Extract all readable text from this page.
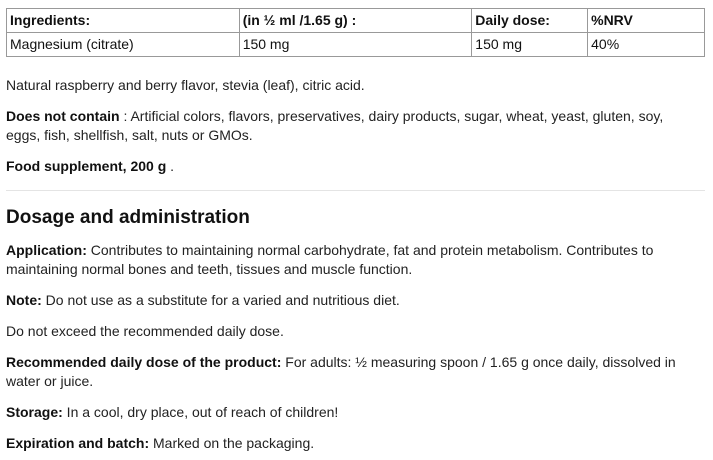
Ingredients:	(in ½ ml /1.65 g) :	Daily dose:	%NRV
Magnesium (citrate)	150 mg	150 mg	40%

Natural raspberry and berry flavor, stevia (leaf), citric acid.

Does not contain : Artificial colors, flavors, preservatives, dairy products, sugar, wheat, yeast, gluten, soy, eggs, fish, shellfish, salt, nuts or GMOs.

Food supplement, 200 g .

Dosage and administration

Application: Contributes to maintaining normal carbohydrate, fat and protein metabolism. Contributes to maintaining normal bones and teeth, tissues and muscle function.

Note: Do not use as a substitute for a varied and nutritious diet.

Do not exceed the recommended daily dose.

Recommended daily dose of the product: For adults: ½ measuring spoon / 1.65 g once daily, dissolved in water or juice.

Storage: In a cool, dry place, out of reach of children!

Expiration and batch: Marked on the packaging.
